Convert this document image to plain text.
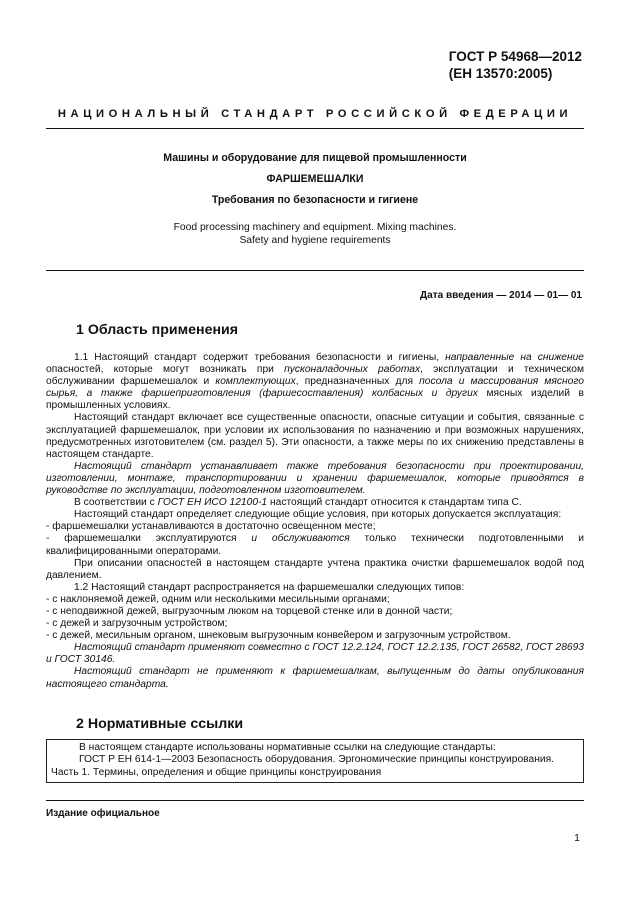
ГОСТ Р 54968—2012
(ЕН 13570:2005)
НАЦИОНАЛЬНЫЙ СТАНДАРТ РОССИЙСКОЙ ФЕДЕРАЦИИ
Машины и оборудование для пищевой промышленности
ФАРШЕМЕШАЛКИ
Требования по безопасности и гигиене
Food processing machinery and equipment. Mixing machines.
Safety and hygiene requirements
Дата введения — 2014 — 01— 01
1 Область применения

1.1 Настоящий стандарт содержит требования безопасности и гигиены, направленные на снижение опасностей, которые могут возникать при пусконаладочных работах, эксплуатации и техническом обслуживании фаршемешалок и комплектующих, предназначенных для посола и массирования мясного сырья, а также фаршеприготовления (фаршесоставления) колбасных и других мясных изделий в промышленных условиях.

Настоящий стандарт включает все существенные опасности, опасные ситуации и события, связанные с эксплуатацией фаршемешалок, при условии их использования по назначению и при возможных нарушениях, предусмотренных изготовителем (см. раздел 5). Эти опасности, а также меры по их снижению представлены в настоящем стандарте.

Настоящий стандарт устанавливает также требования безопасности при проектировании, изготовлении, монтаже, транспортировании и хранении фаршемешалок, которые приводятся в руководстве по эксплуатации, подготовленном изготовителем.

В соответствии с ГОСТ ЕН ИСО 12100-1 настоящий стандарт относится к стандартам типа С.

Настоящий стандарт определяет следующие общие условия, при которых допускается эксплуатация:

- фаршемешалки устанавливаются в достаточно освещенном месте;

- фаршемешалки эксплуатируются и обслуживаются только технически подготовленными и квалифицированными операторами.

При описании опасностей в настоящем стандарте учтена практика очистки фаршемешалок водой под давлением.

1.2 Настоящий стандарт распространяется на фаршемешалки следующих типов:

- с наклоняемой дежей, одним или несколькими месильными органами;

- с неподвижной дежей, выгрузочным люком на торцевой стенке или в донной части;

- с дежей и загрузочным устройством;

- с дежей, месильным органом, шнековым выгрузочным конвейером и загрузочным устройством.

Настоящий стандарт применяют совместно с ГОСТ 12.2.124, ГОСТ 12.2.135, ГОСТ 26582, ГОСТ 28693 и ГОСТ 30146.

Настоящий стандарт не применяют к фаршемешалкам, выпущенным до даты опубликования настоящего стандарта.

2 Нормативные ссылки

В настоящем стандарте использованы нормативные ссылки на следующие стандарты:

ГОСТ Р ЕН 614-1—2003 Безопасность оборудования. Эргономические принципы конструирования.

Часть 1. Термины, определения и общие принципы конструирования

Издание официальное
1
